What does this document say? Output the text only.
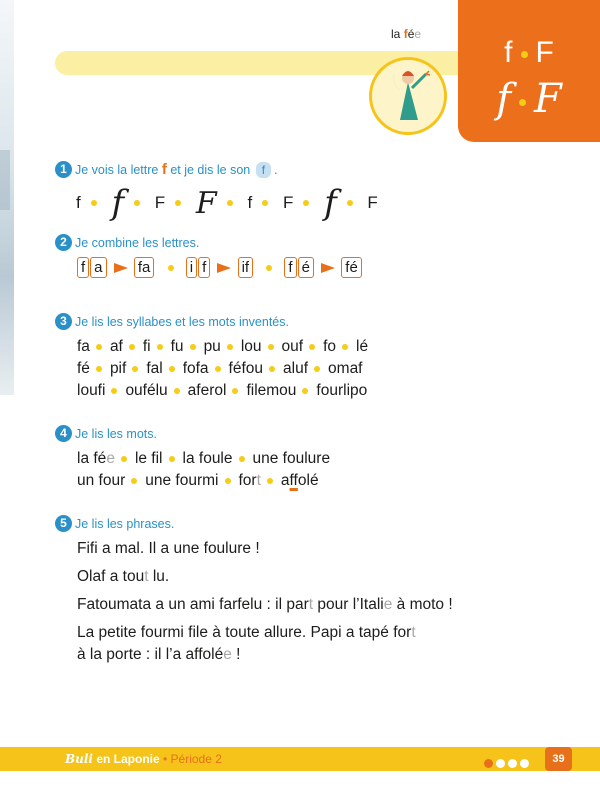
la fée
f F
f F
1 Je vois la lettre f et je dis le son f .
f f F F f F f F
2 Je combine les lettres.
f a fa	i f if	f é fé
3 Je lis les syllabes et les mots inventés.
fa af fi fu pu lou ouf fo lé
fé pif fal fofa féfou aluf omaf
loufi oufélu aferol filemou fourlipo
4 Je lis les mots.
la fée le fil la foule une foulure
un four une fourmi fort affolé
5 Je lis les phrases.
Fifi a mal. Il a une foulure !
Olaf a tout lu.
Fatoumata a un ami farfelu : il part pour l’Italie à moto !
La petite fourmi file à toute allure. Papi a tapé fort
à la porte : il l’a affolée !
Buli en Laponie • Période 2	39
